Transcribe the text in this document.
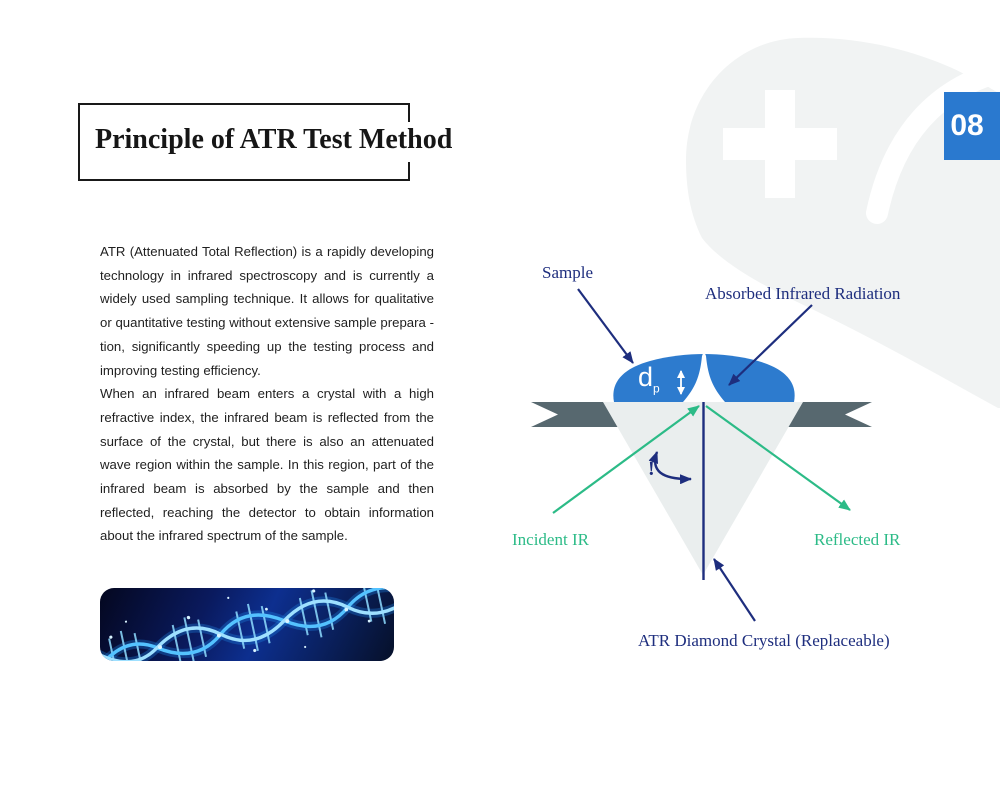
08
Principle of ATR Test Method

ATR (Attenuated Total Reflection) is a rapidly developing technology in infrared spectroscopy and is currently a widely used sampling technique. It allows for qualitative or quantitative testing without extensive sample prepara -tion, significantly speeding up the testing process and improving testing efficiency.

When an infrared beam enters a crystal with a high refractive index, the infrared beam is reflected from the surface of the crystal, but there is also an attenuated wave region within the sample. In this region, part of the infrared beam is absorbed by the sample and then reflected, reaching the detector to obtain information about the infrared spectrum of the sample.

Sample
Absorbed Infrared Radiation
Incident IR	Reflected IR
ATR Diamond Crystal (Replaceable)
$d_p$
!
